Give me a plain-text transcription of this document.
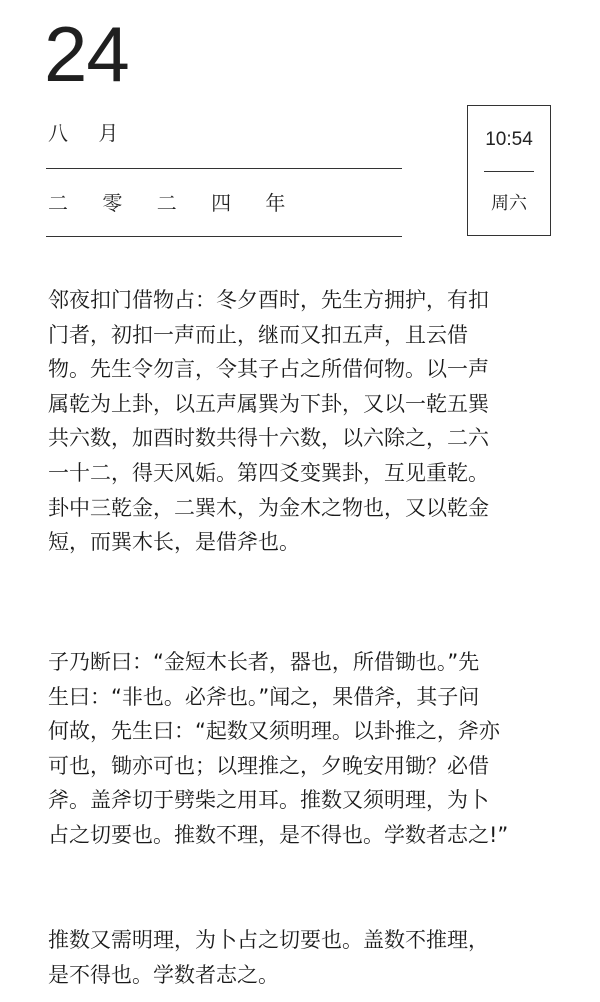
24
八 月
二 零 二 四 年
10:54
周六

邻夜扣门借物占：冬夕酉时，先生方拥护，有扣
门者，初扣一声而止，继而又扣五声，且云借
物。先生令勿言，令其子占之所借何物。以一声
属乾为上卦，以五声属巽为下卦，又以一乾五巽
共六数，加酉时数共得十六数，以六除之，二六
一十二，得天风姤。第四爻变巽卦，互见重乾。
卦中三乾金，二巽木，为金木之物也，又以乾金
短，而巽木长，是借斧也。

子乃断曰：“金短木长者，器也，所借锄也。”先
生曰：“非也。必斧也。”闻之，果借斧，其子问
何故，先生曰：“起数又须明理。以卦推之，斧亦
可也，锄亦可也；以理推之，夕晚安用锄？必借
斧。盖斧切于劈柴之用耳。推数又须明理，为卜
占之切要也。推数不理，是不得也。学数者志之!”

推数又需明理，为卜占之切要也。盖数不推理，
是不得也。学数者志之。
